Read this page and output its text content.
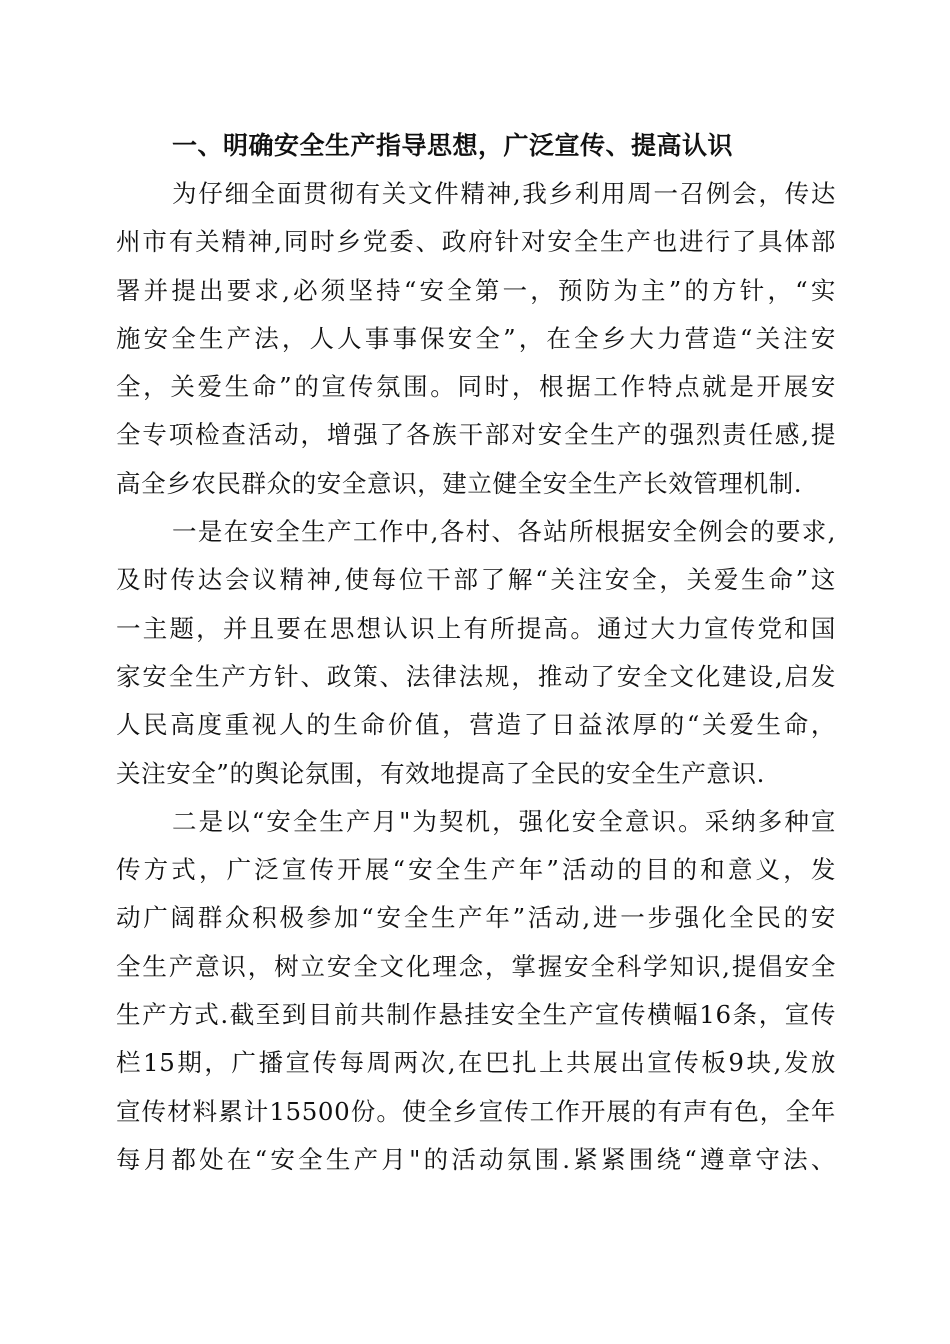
一、明确安全生产指导思想，广泛宣传、提高认识
为仔细全面贯彻有关文件精神,我乡利用周一召例会，传达
州市有关精神,同时乡党委、政府针对安全生产也进行了具体部
署并提出要求,必须坚持“安全第一，预防为主”的方针，“实
施安全生产法，人人事事保安全”，在全乡大力营造“关注安
全，关爱生命”的宣传氛围。同时，根据工作特点就是开展安
全专项检查活动，增强了各族干部对安全生产的强烈责任感,提
高全乡农民群众的安全意识，建立健全安全生产长效管理机制.
一是在安全生产工作中,各村、各站所根据安全例会的要求,
及时传达会议精神,使每位干部了解“关注安全，关爱生命”这
一主题，并且要在思想认识上有所提高。通过大力宣传党和国
家安全生产方针、政策、法律法规，推动了安全文化建设,启发
人民高度重视人的生命价值，营造了日益浓厚的“关爱生命，
关注安全”的舆论氛围，有效地提高了全民的安全生产意识.
二是以“安全生产月"为契机，强化安全意识。采纳多种宣
传方式，广泛宣传开展“安全生产年”活动的目的和意义，发
动广阔群众积极参加“安全生产年”活动,进一步强化全民的安
全生产意识，树立安全文化理念，掌握安全科学知识,提倡安全
生产方式.截至到目前共制作悬挂安全生产宣传横幅16条，宣传
栏15期，广播宣传每周两次,在巴扎上共展出宣传板9块,发放
宣传材料累计15500份。使全乡宣传工作开展的有声有色，全年
每月都处在“安全生产月"的活动氛围.紧紧围绕“遵章守法、
